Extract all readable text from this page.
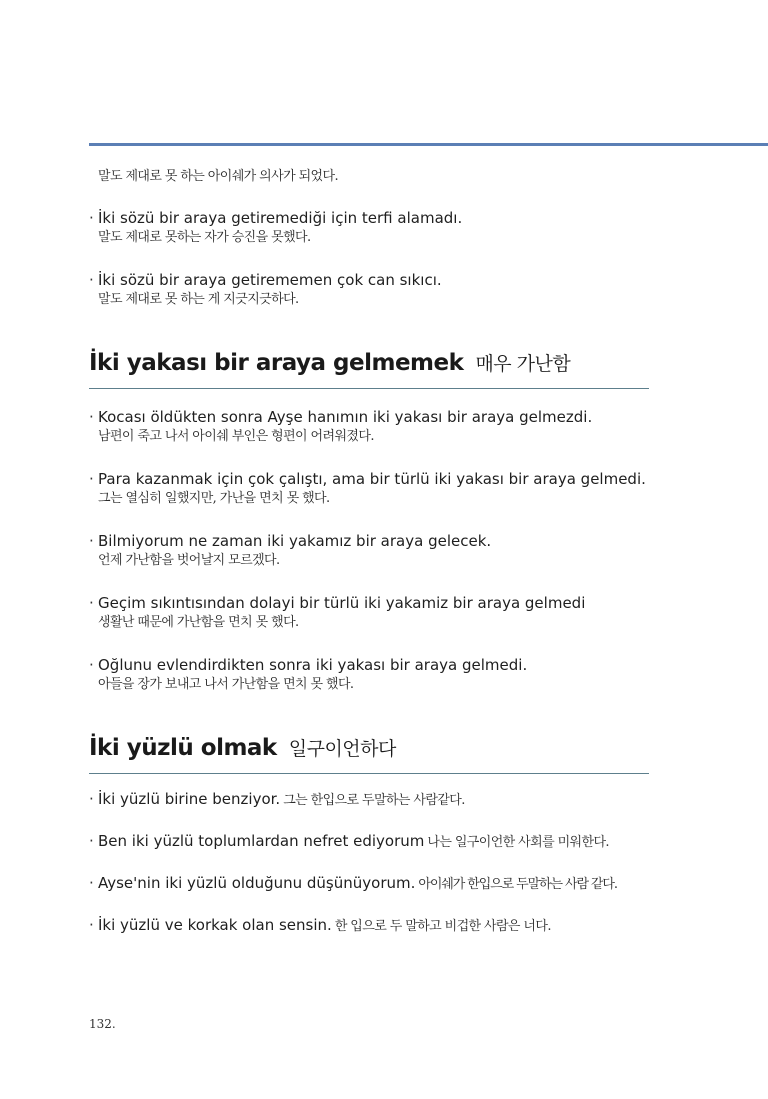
말도 제대로 못 하는 아이쉐가 의사가 되었다.
· İki sözü bir araya getiremediği için terfi alamadı.
말도 제대로 못하는 자가 승진을 못했다.
· İki sözü bir araya getirememen çok can sıkıcı.
말도 제대로 못 하는 게 지긋지긋하다.
İki yakası bir araya gelmemek 매우 가난함
· Kocası öldükten sonra Ayşe hanımın iki yakası bir araya gelmezdi.
남편이 죽고 나서 아이쉐 부인은 형편이 어려워졌다.
· Para kazanmak için çok çalıştı, ama bir türlü iki yakası bir araya gelmedi.
그는 열심히 일했지만, 가난을 면치 못 했다.
· Bilmiyorum ne zaman iki yakamız bir araya gelecek.
언제 가난함을 벗어날지 모르겠다.
· Geçim sıkıntısından dolayi bir türlü iki yakamiz bir araya gelmedi
생활난 때문에 가난함을 면치 못 했다.
· Oğlunu evlendirdikten sonra iki yakası bir araya gelmedi.
아들을 장가 보내고 나서 가난함을 면치 못 했다.
İki yüzlü olmak 일구이언하다
· İki yüzlü birine benziyor. 그는 한입으로 두말하는 사람같다.
· Ben iki yüzlü toplumlardan nefret ediyorum 나는 일구이언한 사회를 미워한다.
· Ayse'nin iki yüzlü olduğunu düşünüyorum. 아이쉐가 한입으로 두말하는 사람 같다.
· İki yüzlü ve korkak olan sensin. 한 입으로 두 말하고 비겁한 사람은 너다.
132.
